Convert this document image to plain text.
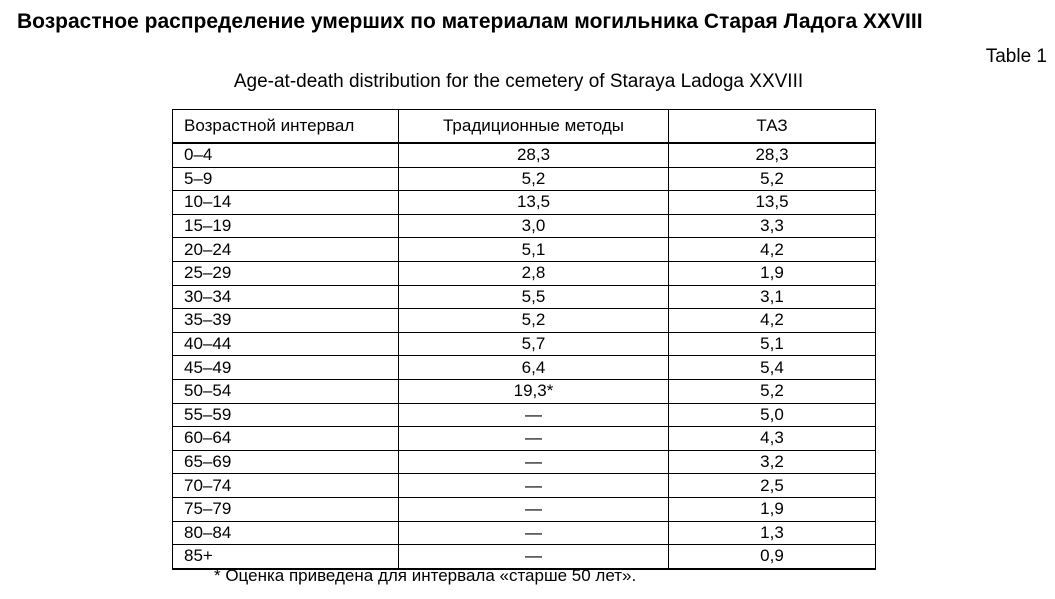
Возрастное распределение умерших по материалам могильника Старая Ладога XXVIII
Table 1
Age-at-death distribution for the cemetery of Staraya Ladoga XXVIII
Возрастной интервал	Традиционные методы	ТАЗ
0–4	28,3	28,3
5–9	5,2	5,2
10–14	13,5	13,5
15–19	3,0	3,3
20–24	5,1	4,2
25–29	2,8	1,9
30–34	5,5	3,1
35–39	5,2	4,2
40–44	5,7	5,1
45–49	6,4	5,4
50–54	19,3*	5,2
55–59	—	5,0
60–64	—	4,3
65–69	—	3,2
70–74	—	2,5
75–79	—	1,9
80–84	—	1,3
85+	—	0,9
* Оценка приведена для интервала «старше 50 лет».
